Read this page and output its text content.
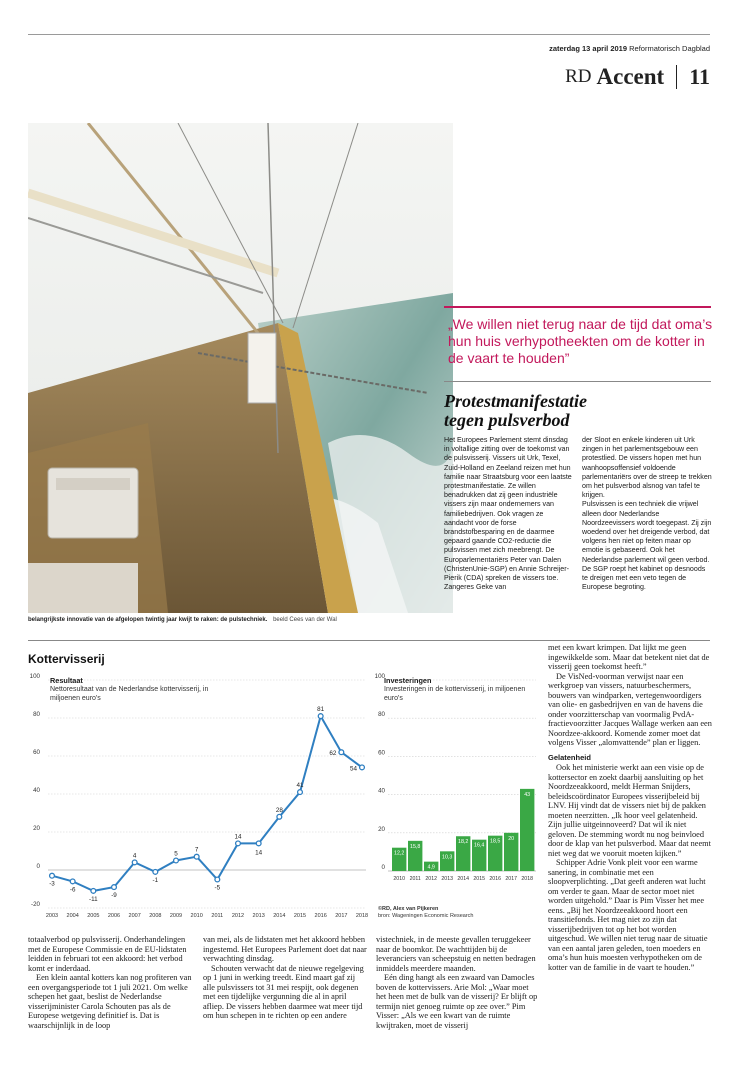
zaterdag 13 april 2019 Reformatorisch Dagblad
RD Accent 11
belangrijkste innovatie van de afgelopen twintig jaar kwijt te raken: de pulstechniek. beeld Cees van der Wal
„We willen niet terug naar de tijd dat oma’s hun huis verhypotheekten om de kotter in de vaart te houden”
Protestmanifestatie
tegen pulsverbod

Het Europees Parlement stemt dinsdag in voltallige zitting over de toekomst van de pulsvisserij. Vissers uit Urk, Texel, Zuid-Holland en Zeeland reizen met hun familie naar Straatsburg voor een laatste protestmanifestatie. Ze willen benadrukken dat zij geen industriële vissers zijn maar ondernemers van familiebedrijven. Ook vragen ze aandacht voor de forse brandstofbesparing en de daarmee gepaard gaande CO2-reductie die pulsvissen met zich meebrengt. De Europarlementariërs Peter van Dalen (ChristenUnie-SGP) en Annie Schreijer-Pierik (CDA) spreken de vissers toe. Zangeres Geke van

der Sloot en enkele kinderen uit Urk zingen in het parlementsgebouw een protestlied. De vissers hopen met hun wanhoopsoffensief voldoende parlementariërs over de streep te trekken om het pulsverbod alsnog van tafel te krijgen.

Pulsvissen is een techniek die vrijwel alleen door Nederlandse Noordzeevissers wordt toegepast. Zij zijn woedend over het dreigende verbod, dat volgens hen niet op feiten maar op emotie is gebaseerd. Ook het Nederlandse parlement wil geen verbod. De SGP roept het kabinet op desnoods te dreigen met een veto tegen de Europese begroting.

Kottervisserij
100
80
60
40
20
0
-20
-3
-6
-11
-9
4
-1
5
7
-5
14
14
28
41
81
62
54
2003 2004 2005 2006 2007 2008 2009 2010 2011 2012 2013 2014 2015 2016 2017 2018
100
80
60
40
20
0
12,2
2010
15,8
2011
4,9
2012
10,3
2013
18,2
2014
16,4
2015
18,5
2016
20
2017
43
2018
Resultaat
Nettoresultaat van de Nederlandse kottervisserij, in miljoenen euro's
Investeringen
Investeringen in de kottervisserij, in miljoenen euro's
©RD, Alex van Pijkeren
bron: Wageningen Economic Research

met een kwart krimpen. Dat lijkt me geen ingewikkelde som. Maar dat betekent niet dat de visserij geen toekomst heeft.”

De VisNed-voorman verwijst naar een werkgroep van vissers, natuurbeschermers, bouwers van windparken, vertegenwoordigers van olie- en gasbedrijven en van de havens die onder voorzitterschap van voormalig PvdA-fractievoorzitter Jacques Wallage werken aan een Noordzee-akkoord. Komende zomer moet dat volgens Visser „alomvattende” plan er liggen.

Gelatenheid

Ook het ministerie werkt aan een visie op de kottersector en zoekt daarbij aansluiting op het Noordzeeakkoord, meldt Herman Snijders, beleidscoördinator Europees visserijbeleid bij LNV. Hij vindt dat de vissers niet bij de pakken moeten neerzitten. „Ik hoor veel gelatenheid. Zijn jullie uitgeinnoveerd? Dat wil ik niet geloven. De stemming wordt nu nog beinvloed door de klap van het pulsverbod. Maar dat neemt niet weg dat we vooruit moeten kijken.”

Schipper Adrie Vonk pleit voor een warme sanering, in combinatie met een sloopverplichting. „Dat geeft anderen wat lucht om verder te gaan. Maar de sector moet niet worden uitgehold.” Daar is Pim Visser het mee eens. „Bij het Noordzeeakkoord hoort een transitiefonds. Het mag niet zo zijn dat visserijbedrijven tot op het bot worden uitgeschud. We willen niet terug naar de situatie van een aantal jaren geleden, toen moeders en oma’s hun huis moesten verhypotheken om de kotter van de familie in de vaart te houden.”

totaalverbod op pulsvisserij. Onderhandelingen met de Europese Commissie en de EU-lidstaten leidden in februari tot een akkoord: het verbod komt er inderdaad.

Een klein aantal kotters kan nog profiteren van een overgangsperiode tot 1 juli 2021. Om welke schepen het gaat, beslist de Nederlandse visserijminister Carola Schouten pas als de Europese wetgeving definitief is. Dat is waarschijnlijk in de loop

van mei, als de lidstaten met het akkoord hebben ingestemd. Het Europees Parlement doet dat naar verwachting dinsdag.

Schouten verwacht dat de nieuwe regelgeving op 1 juni in werking treedt. Eind maart gaf zij alle pulsvissers tot 31 mei respijt, ook degenen met een tijdelijke vergunning die al in april afliep. De vissers hebben daarmee wat meer tijd om hun schepen in te richten op een andere

vistechniek, in de meeste gevallen teruggekeer naar de boomkor. De wachttijden bij de leveranciers van scheepstuig en netten bedragen inmiddels meerdere maanden.

Eén ding hangt als een zwaard van Damocles boven de kottervissers. Arie Mol: „Waar moet het heen met de bulk van de visserij? Er blijft op termijn niet genoeg ruimte op zee over.” Pim Visser: „Als we een kwart van de ruimte kwijtraken, moet de visserij
